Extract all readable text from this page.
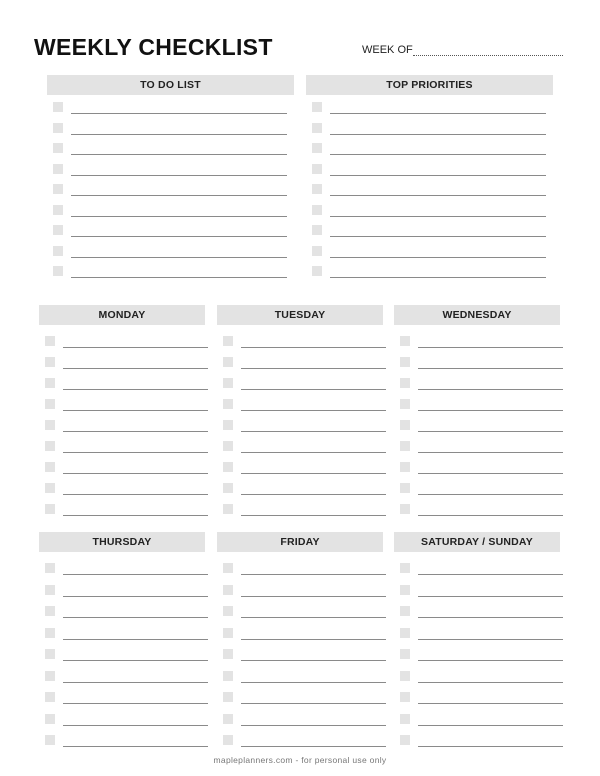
WEEKLY CHECKLIST	WEEK OF
TO DO LIST	TOP PRIORITIES
MONDAY	TUESDAY	WEDNESDAY
THURSDAY	FRIDAY	SATURDAY / SUNDAY
mapleplanners.com - for personal use only
